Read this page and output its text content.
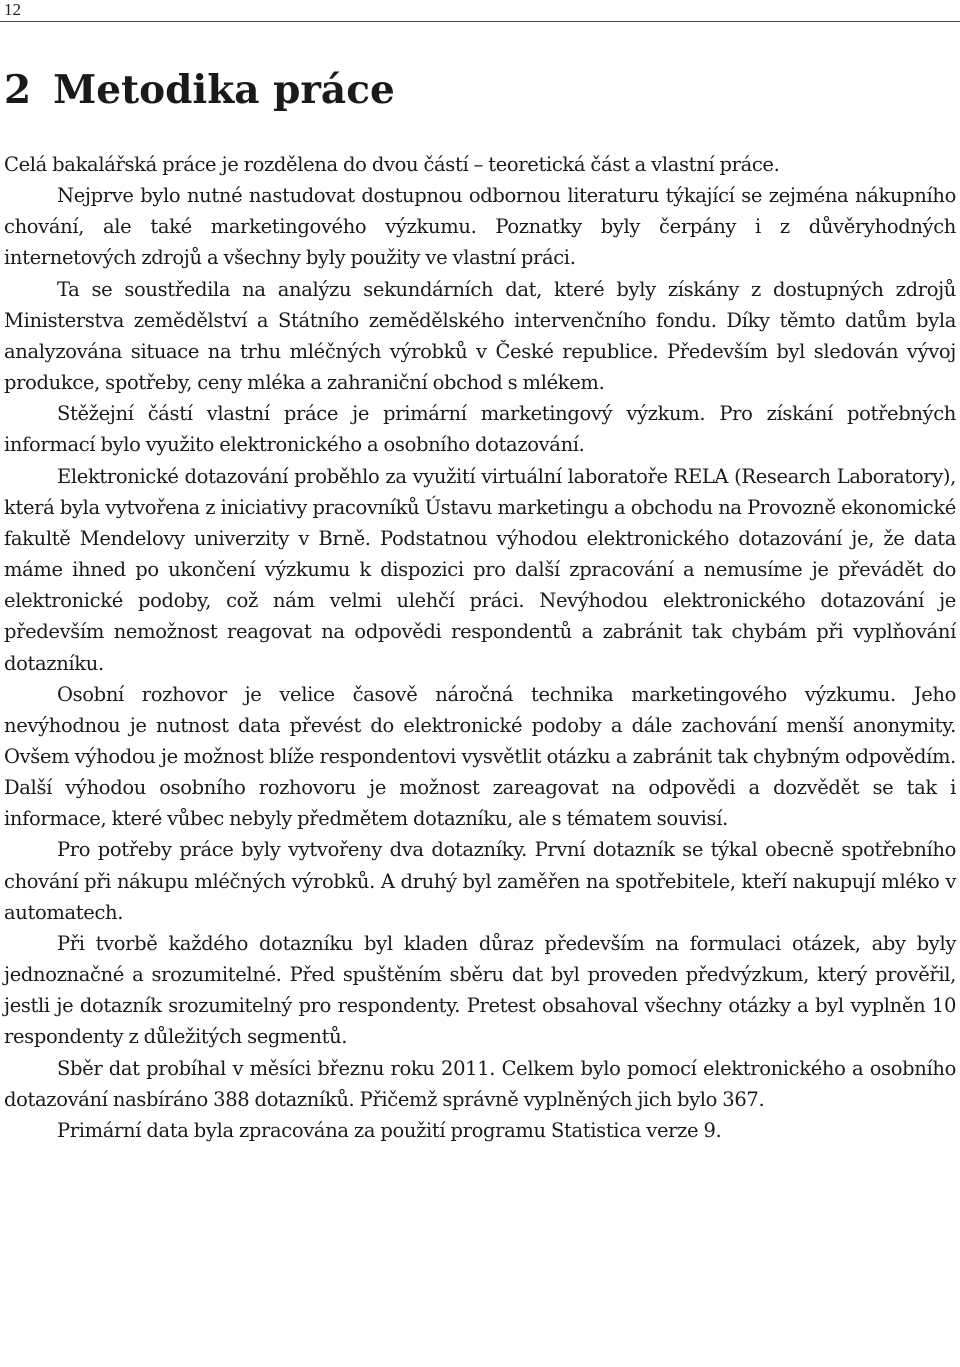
12
2 Metodika práce

Celá bakalářská práce je rozdělena do dvou částí – teoretická část a vlastní práce.

Nejprve bylo nutné nastudovat dostupnou odbornou literaturu týkající se zejména nákupního chování, ale také marketingového výzkumu. Poznatky byly čerpány i z důvěryhodných internetových zdrojů a všechny byly použity ve vlastní práci.

Ta se soustředila na analýzu sekundárních dat, které byly získány z dostupných zdrojů Ministerstva zemědělství a Státního zemědělského intervenčního fondu. Díky těmto datům byla analyzována situace na trhu mléčných výrobků v České republice. Především byl sledován vývoj produkce, spotřeby, ceny mléka a zahraniční obchod s mlékem.

Stěžejní částí vlastní práce je primární marketingový výzkum. Pro získání potřebných informací bylo využito elektronického a osobního dotazování.

Elektronické dotazování proběhlo za využití virtuální laboratoře RELA (Research Laboratory), která byla vytvořena z iniciativy pracovníků Ústavu marketingu a obchodu na Provozně ekonomické fakultě Mendelovy univerzity v Brně. Podstatnou výhodou elektronického dotazování je, že data máme ihned po ukončení výzkumu k dispozici pro další zpracování a nemusíme je převádět do elektronické podoby, což nám velmi ulehčí práci. Nevýhodou elektronického dotazování je především nemožnost reagovat na odpovědi respondentů a zabránit tak chybám při vyplňování dotazníku.

Osobní rozhovor je velice časově náročná technika marketingového výzkumu. Jeho nevýhodnou je nutnost data převést do elektronické podoby a dále zachování menší anonymity. Ovšem výhodou je možnost blíže respondentovi vysvětlit otázku a zabránit tak chybným odpovědím. Další výhodou osobního rozhovoru je možnost zareagovat na odpovědi a dozvědět se tak i informace, které vůbec nebyly předmětem dotazníku, ale s tématem souvisí.

Pro potřeby práce byly vytvořeny dva dotazníky. První dotazník se týkal obecně spotřebního chování při nákupu mléčných výrobků. A druhý byl zaměřen na spotřebitele, kteří nakupují mléko v automatech.

Při tvorbě každého dotazníku byl kladen důraz především na formulaci otázek, aby byly jednoznačné a srozumitelné. Před spuštěním sběru dat byl proveden předvýzkum, který prověřil, jestli je dotazník srozumitelný pro respondenty. Pretest obsahoval všechny otázky a byl vyplněn 10 respondenty z důležitých segmentů.

Sběr dat probíhal v měsíci březnu roku 2011. Celkem bylo pomocí elektronického a osobního dotazování nasbíráno 388 dotazníků. Přičemž správně vyplněných jich bylo 367.

Primární data byla zpracována za použití programu Statistica verze 9.
